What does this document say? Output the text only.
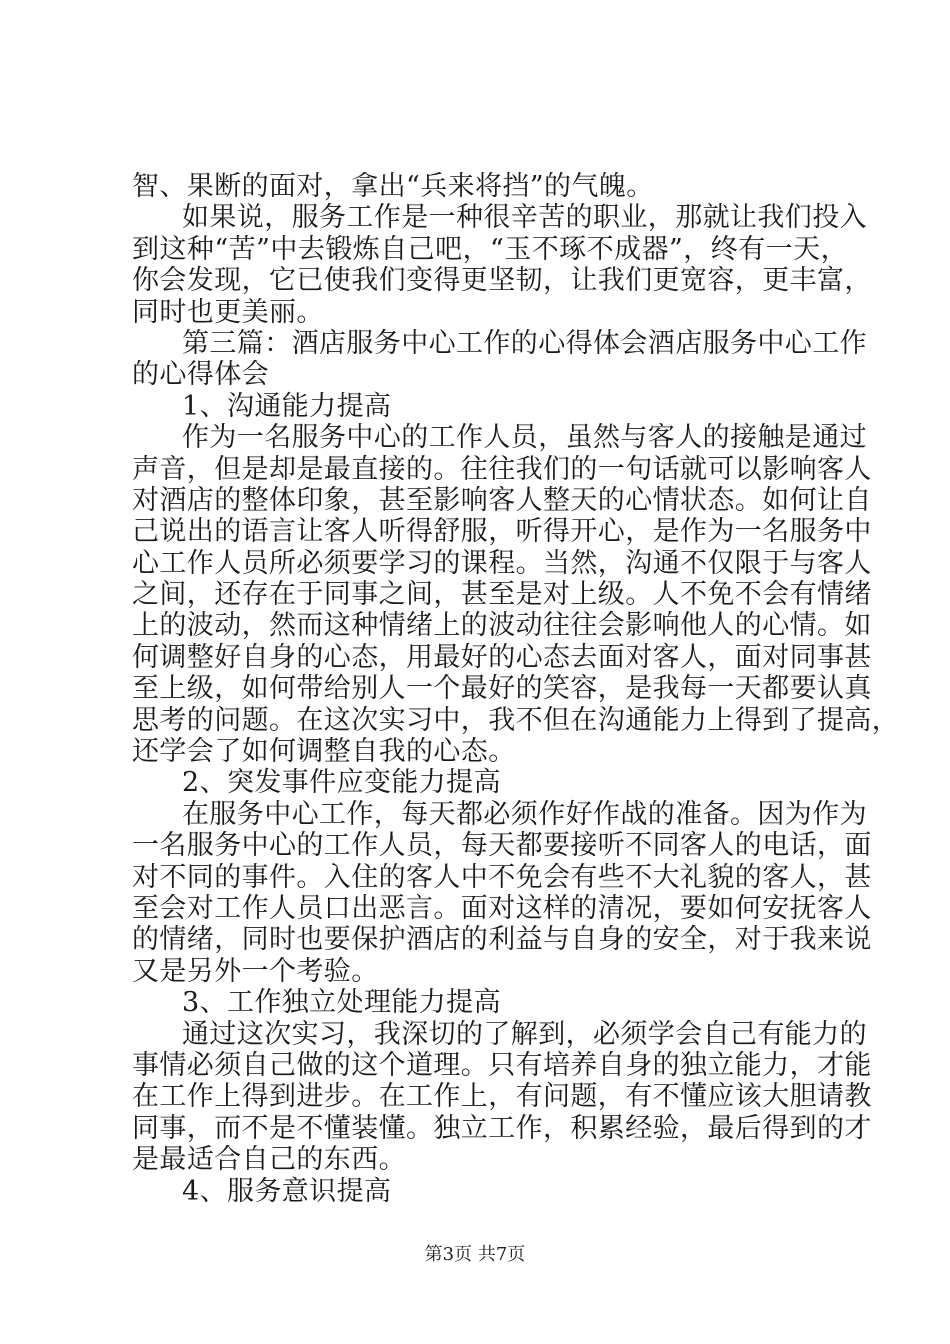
智、果断的面对，拿出“兵来将挡”的气魄。
如果说，服务工作是一种很辛苦的职业，那就让我们投入
到这种“苦”中去锻炼自己吧，“玉不琢不成器”，终有一天，
你会发现，它已使我们变得更坚韧，让我们更宽容，更丰富，
同时也更美丽。
第三篇：酒店服务中心工作的心得体会酒店服务中心工作
的心得体会
1、沟通能力提高
作为一名服务中心的工作人员，虽然与客人的接触是通过
声音，但是却是最直接的。往往我们的一句话就可以影响客人
对酒店的整体印象，甚至影响客人整天的心情状态。如何让自
己说出的语言让客人听得舒服，听得开心，是作为一名服务中
心工作人员所必须要学习的课程。当然，沟通不仅限于与客人
之间，还存在于同事之间，甚至是对上级。人不免不会有情绪
上的波动，然而这种情绪上的波动往往会影响他人的心情。如
何调整好自身的心态，用最好的心态去面对客人，面对同事甚
至上级，如何带给别人一个最好的笑容，是我每一天都要认真
思考的问题。在这次实习中，我不但在沟通能力上得到了提高，
还学会了如何调整自我的心态。
2、突发事件应变能力提高
在服务中心工作，每天都必须作好作战的准备。因为作为
一名服务中心的工作人员，每天都要接听不同客人的电话，面
对不同的事件。入住的客人中不免会有些不大礼貌的客人，甚
至会对工作人员口出恶言。面对这样的清况，要如何安抚客人
的情绪，同时也要保护酒店的利益与自身的安全，对于我来说
又是另外一个考验。
3、工作独立处理能力提高
通过这次实习，我深切的了解到，必须学会自己有能力的
事情必须自己做的这个道理。只有培养自身的独立能力，才能
在工作上得到进步。在工作上，有问题，有不懂应该大胆请教
同事，而不是不懂装懂。独立工作，积累经验，最后得到的才
是最适合自己的东西。
4、服务意识提高
第3页 共7页
